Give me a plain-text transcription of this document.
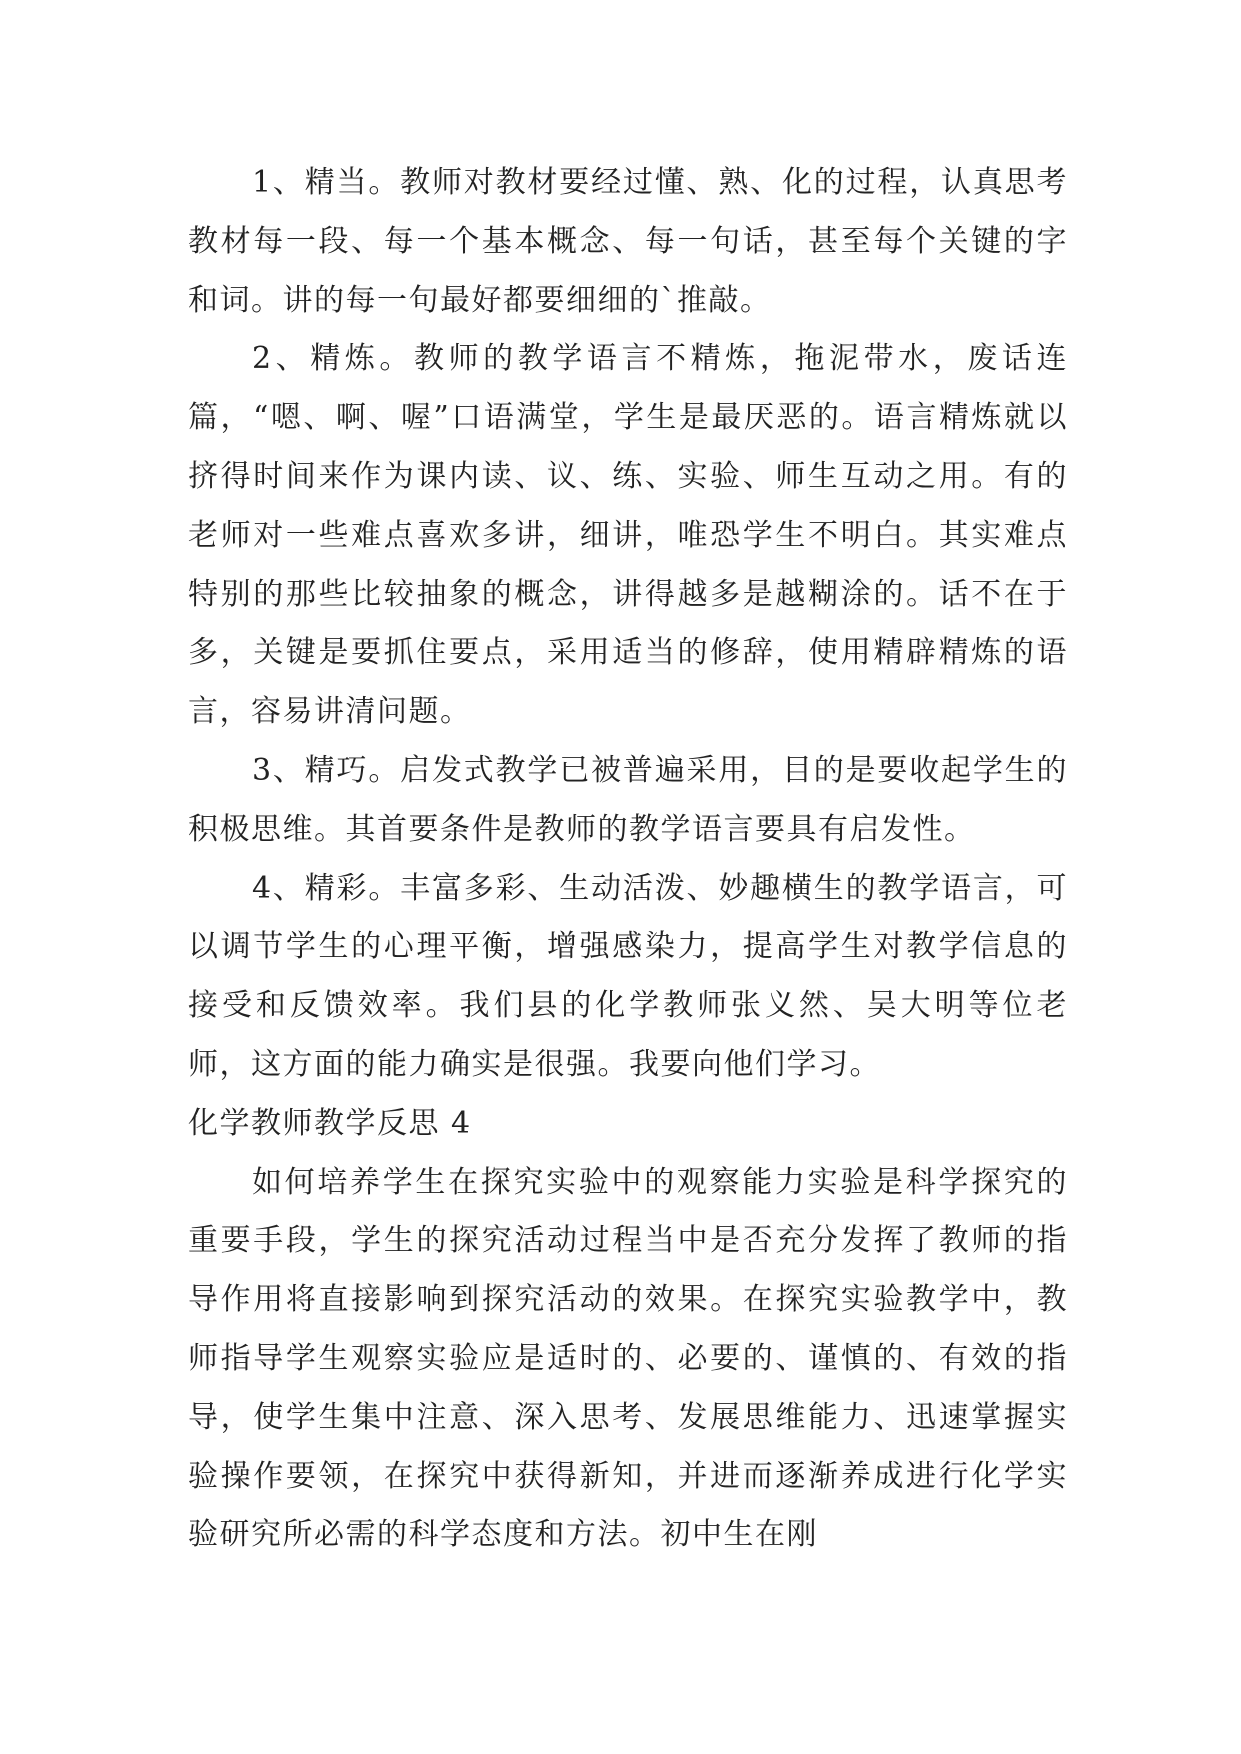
1、精当。教师对教材要经过懂、熟、化的过程，认真思考教材每一段、每一个基本概念、每一句话，甚至每个关键的字和词。讲的每一句最好都要细细的`推敲。

2、精炼。教师的教学语言不精炼，拖泥带水，废话连篇，“嗯、啊、喔”口语满堂，学生是最厌恶的。语言精炼就以挤得时间来作为课内读、议、练、实验、师生互动之用。有的老师对一些难点喜欢多讲，细讲，唯恐学生不明白。其实难点特别的那些比较抽象的概念，讲得越多是越糊涂的。话不在于多，关键是要抓住要点，采用适当的修辞，使用精辟精炼的语言，容易讲清问题。

3、精巧。启发式教学已被普遍采用，目的是要收起学生的积极思维。其首要条件是教师的教学语言要具有启发性。

4、精彩。丰富多彩、生动活泼、妙趣横生的教学语言，可以调节学生的心理平衡，增强感染力，提高学生对教学信息的接受和反馈效率。我们县的化学教师张义然、吴大明等位老师，这方面的能力确实是很强。我要向他们学习。

化学教师教学反思 4

如何培养学生在探究实验中的观察能力实验是科学探究的重要手段，学生的探究活动过程当中是否充分发挥了教师的指导作用将直接影响到探究活动的效果。在探究实验教学中，教师指导学生观察实验应是适时的、必要的、谨慎的、有效的指导，使学生集中注意、深入思考、发展思维能力、迅速掌握实验操作要领，在探究中获得新知，并进而逐渐养成进行化学实验研究所必需的科学态度和方法。初中生在刚
